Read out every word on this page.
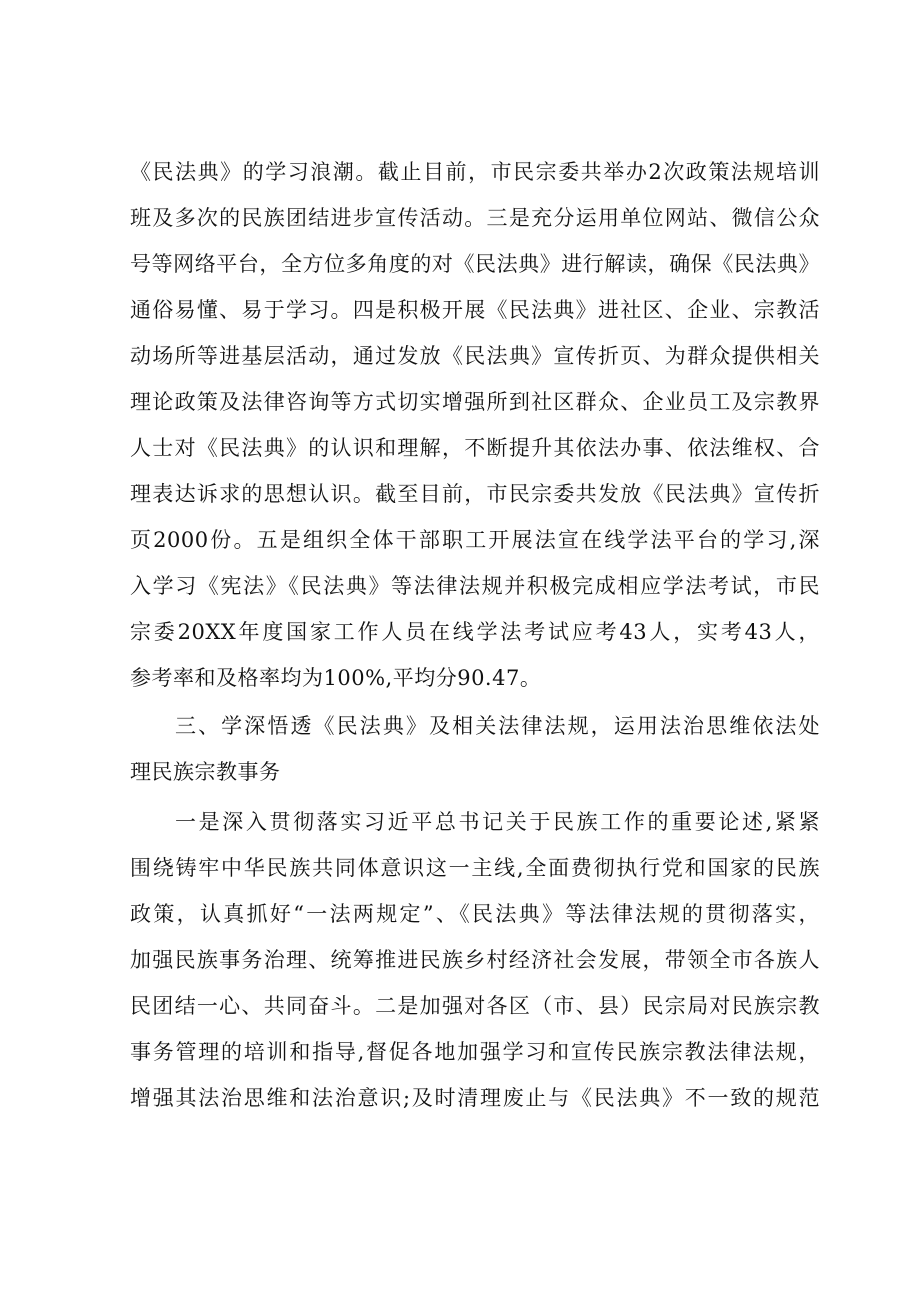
《民法典》的学习浪潮。截止目前，市民宗委共举办2次政策法规培训
班及多次的民族团结进步宣传活动。三是充分运用单位网站、微信公众
号等网络平台，全方位多角度的对《民法典》进行解读，确保《民法典》
通俗易懂、易于学习。四是积极开展《民法典》进社区、企业、宗教活
动场所等进基层活动，通过发放《民法典》宣传折页、为群众提供相关
理论政策及法律咨询等方式切实增强所到社区群众、企业员工及宗教界
人士对《民法典》的认识和理解，不断提升其依法办事、依法维权、合
理表达诉求的思想认识。截至目前，市民宗委共发放《民法典》宣传折
页2000份。五是组织全体干部职工开展法宣在线学法平台的学习,深
入学习《宪法》《民法典》等法律法规并积极完成相应学法考试，市民
宗委20XX年度国家工作人员在线学法考试应考43人，实考43人，
参考率和及格率均为100%,平均分90.47。
三、学深悟透《民法典》及相关法律法规，运用法治思维依法处
理民族宗教事务
一是深入贯彻落实习近平总书记关于民族工作的重要论述,紧紧
围绕铸牢中华民族共同体意识这一主线,全面费彻执行党和国家的民族
政策，认真抓好“一法两规定”、《民法典》等法律法规的贯彻落实，
加强民族事务治理、统筹推进民族乡村经济社会发展，带领全市各族人
民团结一心、共同奋斗。二是加强对各区（市、县）民宗局对民族宗教
事务管理的培训和指导,督促各地加强学习和宣传民族宗教法律法规，
增强其法治思维和法治意识;及时清理废止与《民法典》不一致的规范
